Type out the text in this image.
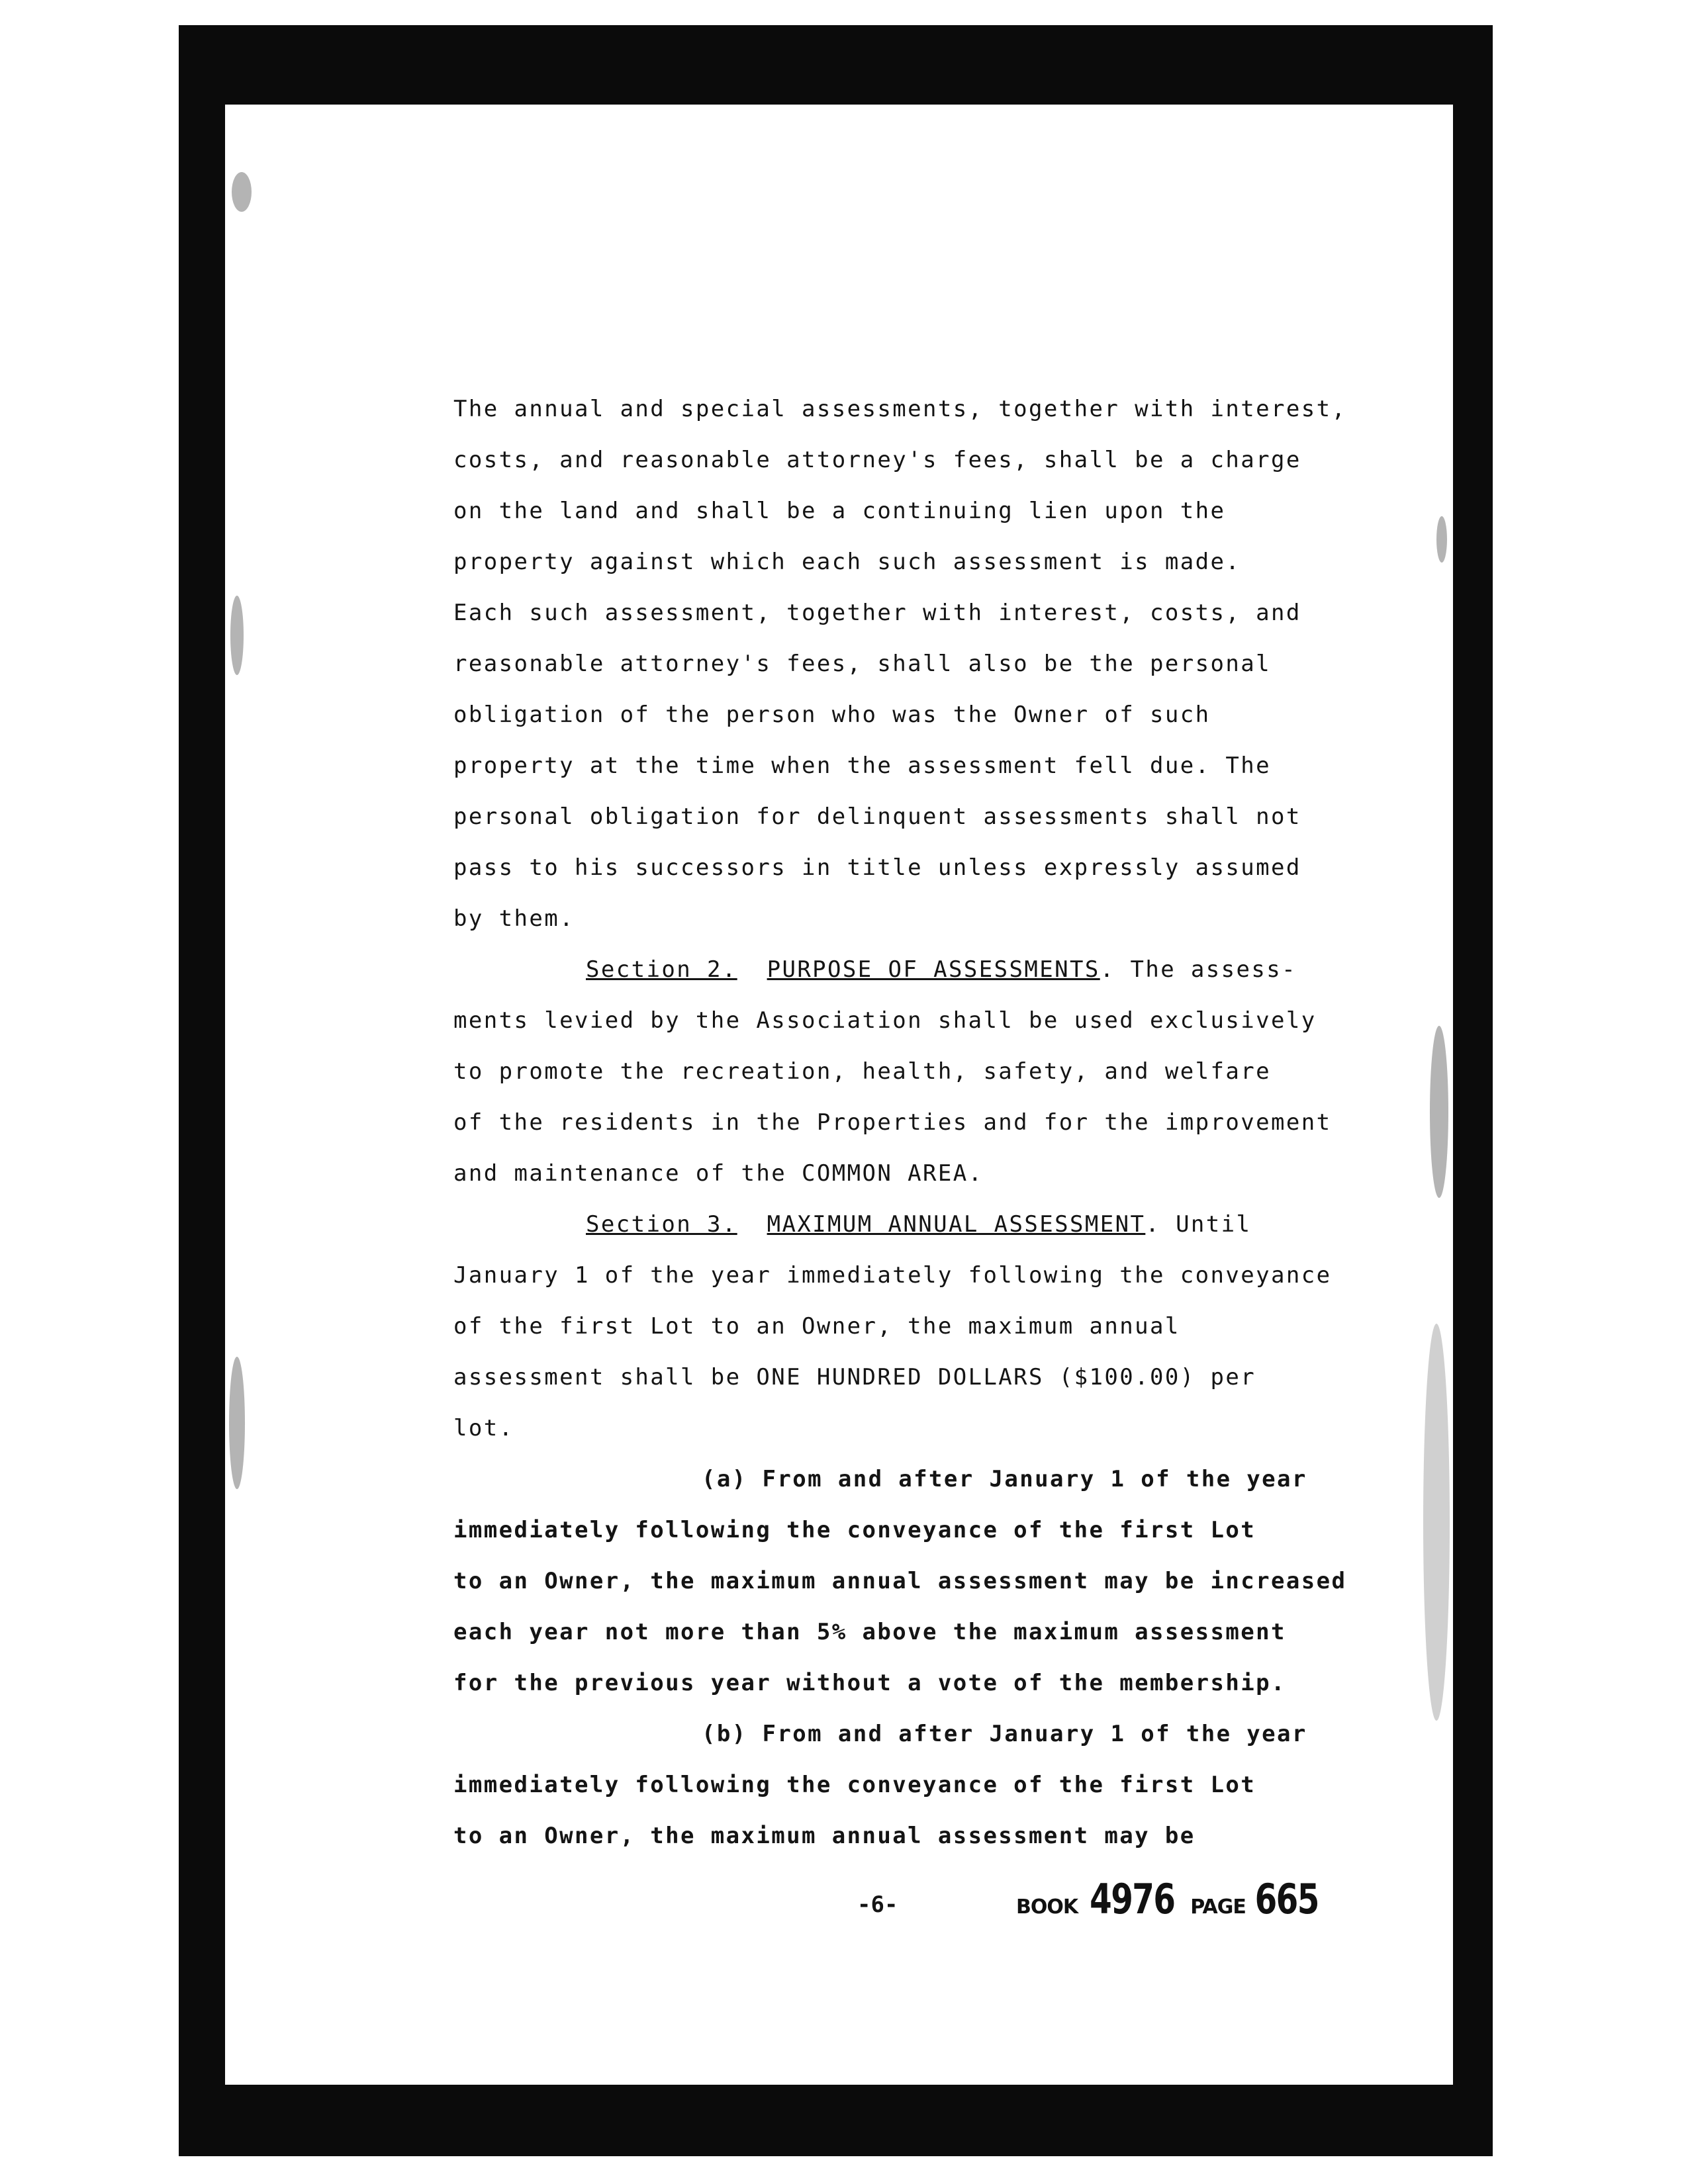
The annual and special assessments, together with interest,
costs, and reasonable attorney's fees, shall be a charge
on the land and shall be a continuing lien upon the
property against which each such assessment is made.
Each such assessment, together with interest, costs, and
reasonable attorney's fees, shall also be the personal
obligation of the person who was the Owner of such
property at the time when the assessment fell due. The
personal obligation for delinquent assessments shall not
pass to his successors in title unless expressly assumed
by them.
Section 2. PURPOSE OF ASSESSMENTS. The assess-
ments levied by the Association shall be used exclusively
to promote the recreation, health, safety, and welfare
of the residents in the Properties and for the improvement
and maintenance of the COMMON AREA.
Section 3. MAXIMUM ANNUAL ASSESSMENT. Until
January 1 of the year immediately following the conveyance
of the first Lot to an Owner, the maximum annual
assessment shall be ONE HUNDRED DOLLARS ($100.00) per
lot.
(a) From and after January 1 of the year
immediately following the conveyance of the first Lot
to an Owner, the maximum annual assessment may be increased
each year not more than 5% above the maximum assessment
for the previous year without a vote of the membership.
(b) From and after January 1 of the year
immediately following the conveyance of the first Lot
to an Owner, the maximum annual assessment may be
-6-	BOOK 4976 PAGE 665
